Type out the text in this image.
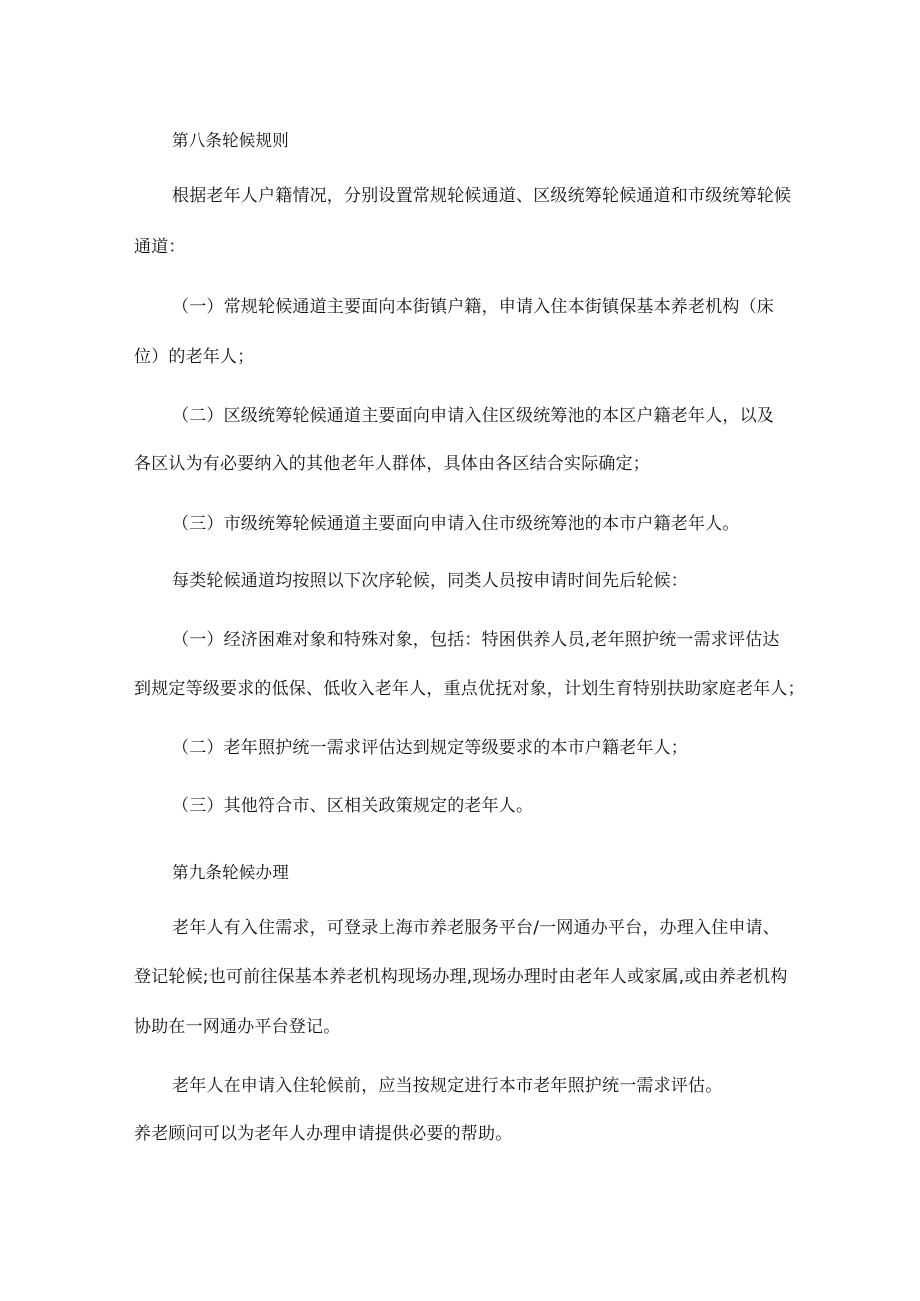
第八条轮候规则

根据老年人户籍情况，分别设置常规轮候通道、区级统筹轮候通道和市级统筹轮候

通道：

（一）常规轮候通道主要面向本街镇户籍，申请入住本街镇保基本养老机构（床

位）的老年人；

（二）区级统筹轮候通道主要面向申请入住区级统筹池的本区户籍老年人，以及

各区认为有必要纳入的其他老年人群体，具体由各区结合实际确定；

（三）市级统筹轮候通道主要面向申请入住市级统筹池的本市户籍老年人。

每类轮候通道均按照以下次序轮候，同类人员按申请时间先后轮候：

（一）经济困难对象和特殊对象，包括：特困供养人员,老年照护统一需求评估达

到规定等级要求的低保、低收入老年人，重点优抚对象，计划生育特别扶助家庭老年人；

（二）老年照护统一需求评估达到规定等级要求的本市户籍老年人；

（三）其他符合市、区相关政策规定的老年人。

第九条轮候办理

老年人有入住需求，可登录上海市养老服务平台/一网通办平台，办理入住申请、

登记轮候;也可前往保基本养老机构现场办理,现场办理时由老年人或家属,或由养老机构

协助在一网通办平台登记。

老年人在申请入住轮候前，应当按规定进行本市老年照护统一需求评估。

养老顾问可以为老年人办理申请提供必要的帮助。
